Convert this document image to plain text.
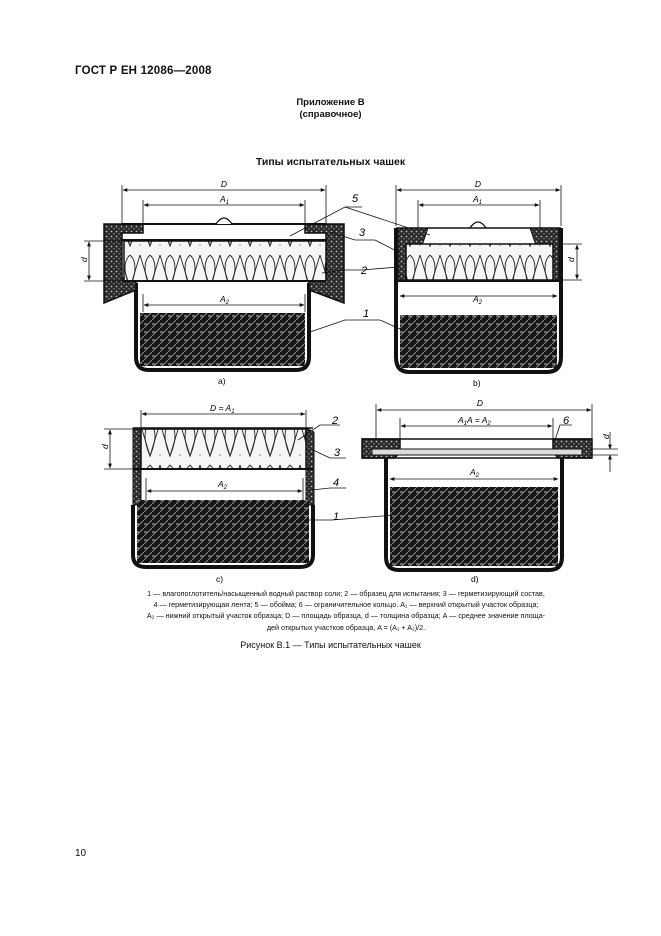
ГОСТ Р ЕН 12086—2008
Приложение В
(справочное)
Типы испытательных чашек
D
$A_1$
$A_2$
d
а)
5
3
2
1
D
$A_1$
$A_2$
d
b)
$D = A_1$
$A_2$
d
c)
2
3
4
1
D
$A_1A = A_2$
$A_2$
d
d)
6
1 — влагопоглотитель/насыщенный водный раствор соли; 2 — образец для испытания; 3 — герметизирующий состав,
4 — герметизирующая лента; 5 — обойма; 6 — ограничительное кольцо. A₁ — верхний открытый участок образца;
A₂ — нижний открытый участок образца; D — площадь образца, d — толщина образца; A — среднее значение площа-
дей открытых участков образца, A = (A₁ + A₂)/2.
Рисунок В.1 — Типы испытательных чашек
10
